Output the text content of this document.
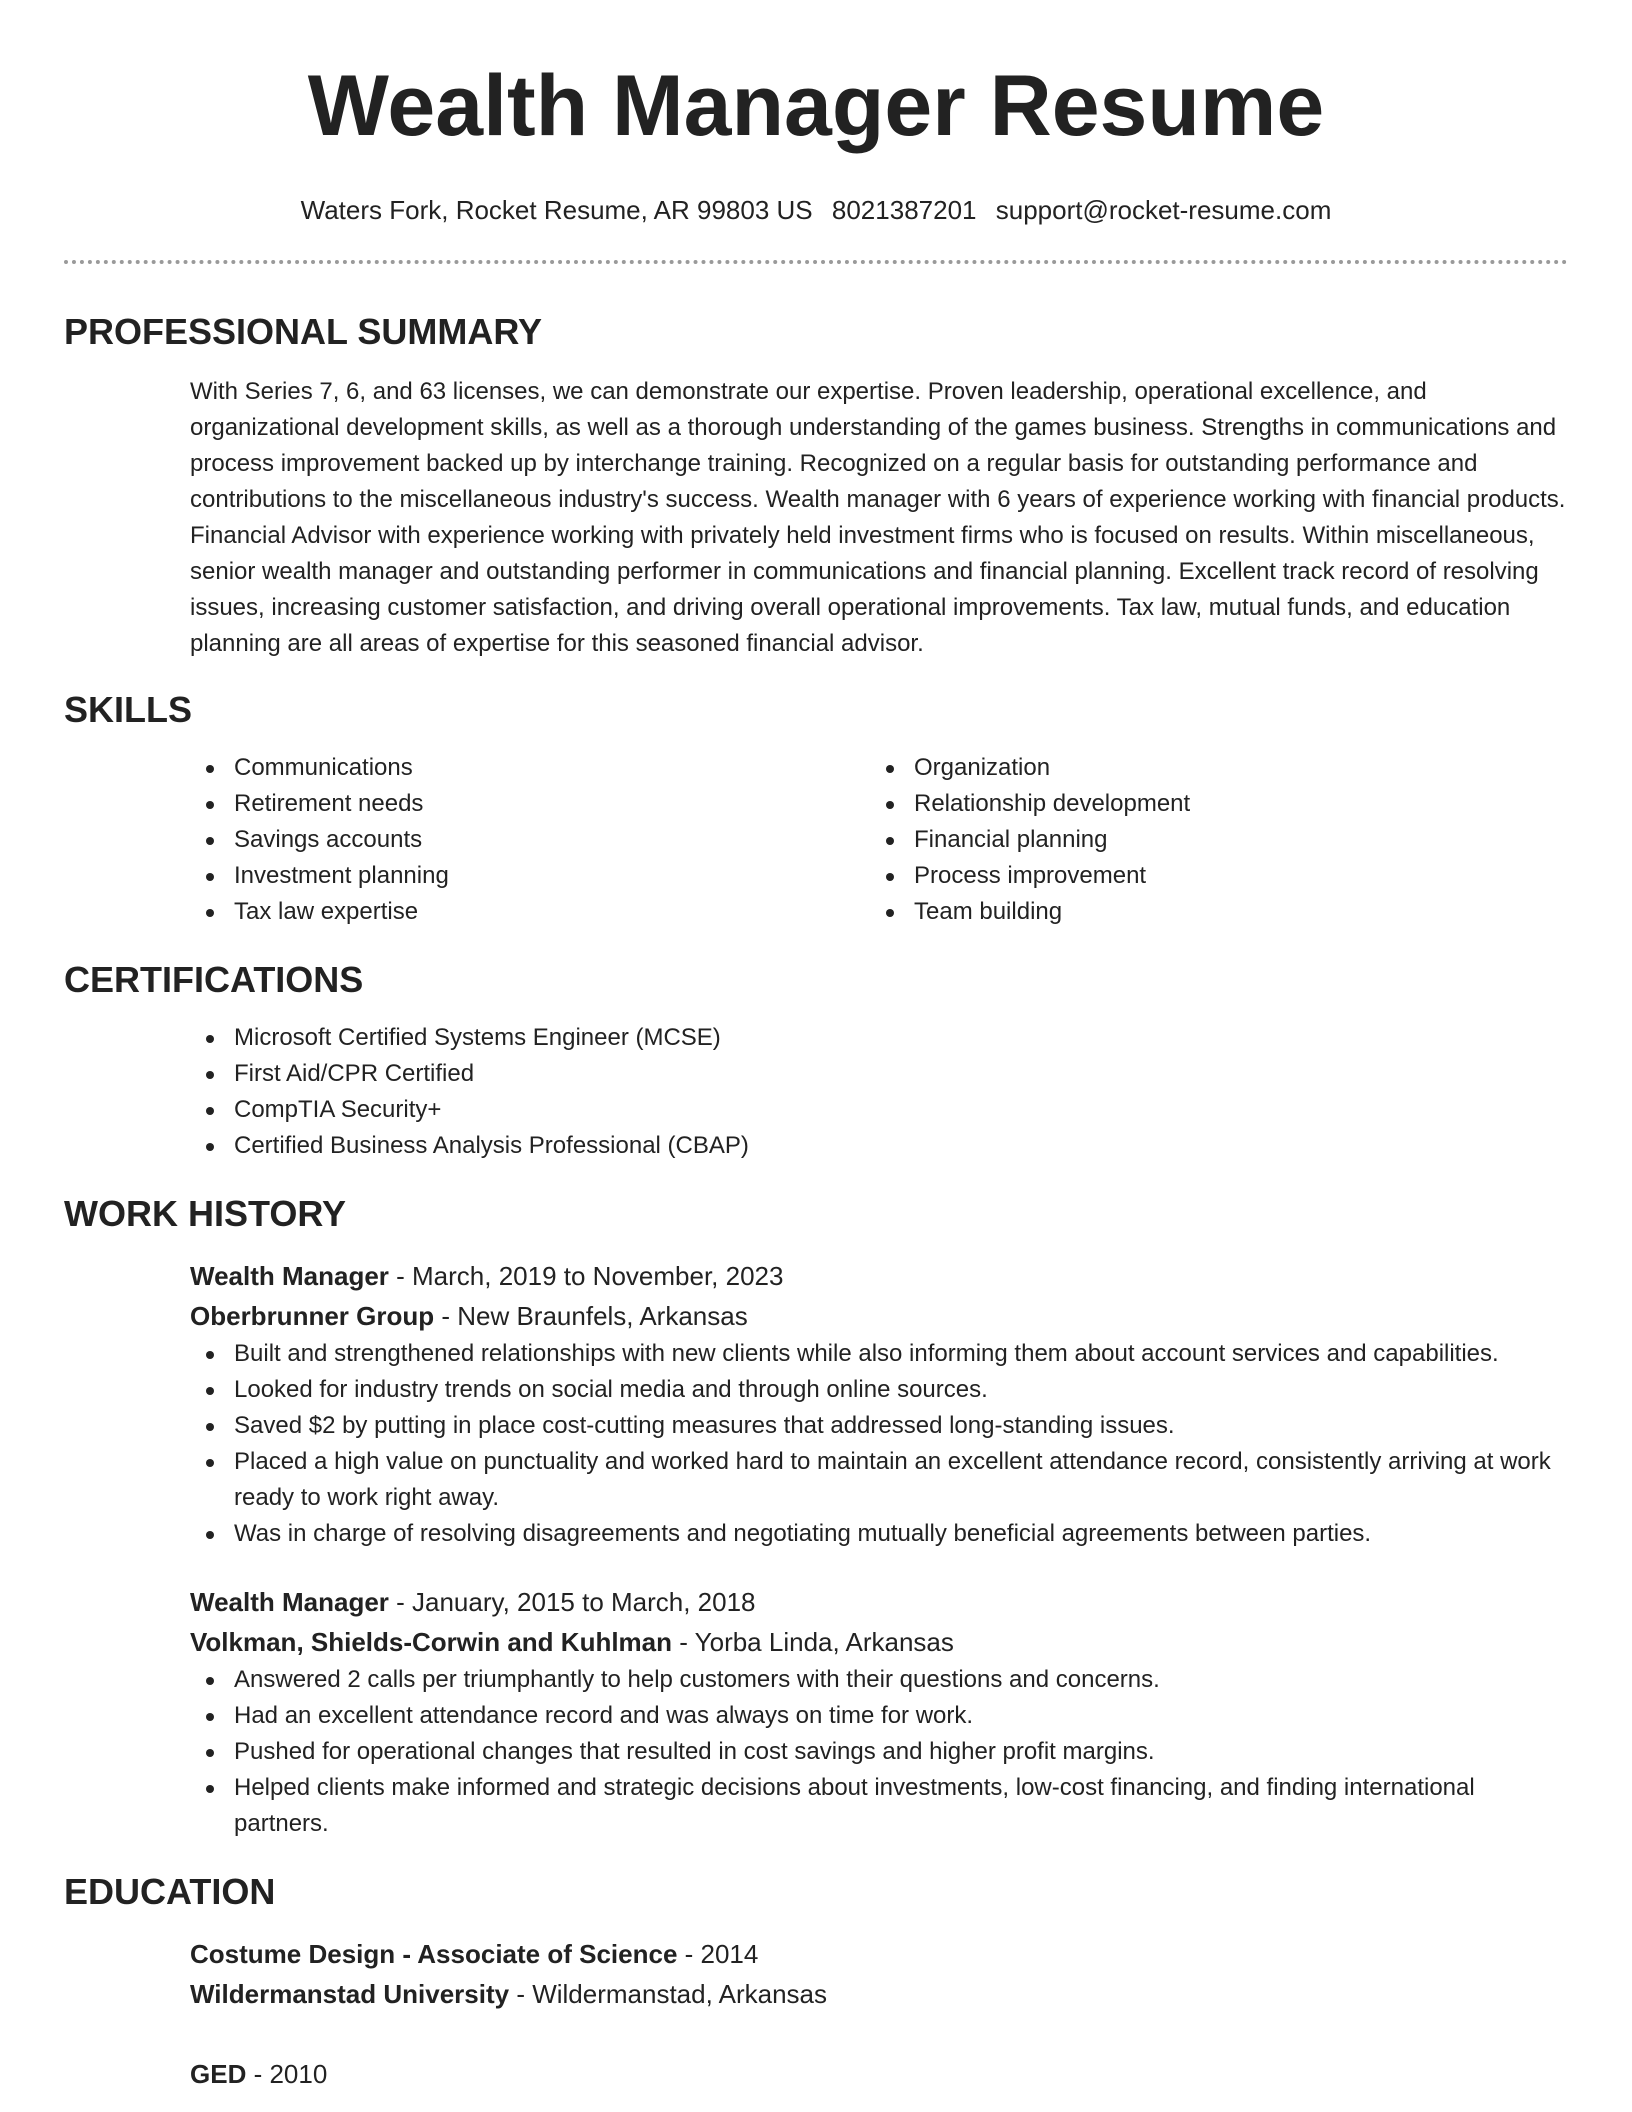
Wealth Manager Resume
Waters Fork, Rocket Resume, AR 99803 US 8021387201 support@rocket-resume.com
PROFESSIONAL SUMMARY
With Series 7, 6, and 63 licenses, we can demonstrate our expertise. Proven leadership, operational excellence, and organizational development skills, as well as a thorough understanding of the games business. Strengths in communications and process improvement backed up by interchange training. Recognized on a regular basis for outstanding performance and contributions to the miscellaneous industry's success. Wealth manager with 6 years of experience working with financial products. Financial Advisor with experience working with privately held investment firms who is focused on results. Within miscellaneous, senior wealth manager and outstanding performer in communications and financial planning. Excellent track record of resolving issues, increasing customer satisfaction, and driving overall operational improvements. Tax law, mutual funds, and education planning are all areas of expertise for this seasoned financial advisor.
SKILLS
Communications
Retirement needs
Savings accounts
Investment planning
Tax law expertise
Organization
Relationship development
Financial planning
Process improvement
Team building
CERTIFICATIONS
Microsoft Certified Systems Engineer (MCSE)
First Aid/CPR Certified
CompTIA Security+
Certified Business Analysis Professional (CBAP)
WORK HISTORY
Wealth Manager - March, 2019 to November, 2023
Oberbrunner Group - New Braunfels, Arkansas
Built and strengthened relationships with new clients while also informing them about account services and capabilities.
Looked for industry trends on social media and through online sources.
Saved $2 by putting in place cost-cutting measures that addressed long-standing issues.
Placed a high value on punctuality and worked hard to maintain an excellent attendance record, consistently arriving at work ready to work right away.
Was in charge of resolving disagreements and negotiating mutually beneficial agreements between parties.
Wealth Manager - January, 2015 to March, 2018
Volkman, Shields-Corwin and Kuhlman - Yorba Linda, Arkansas
Answered 2 calls per triumphantly to help customers with their questions and concerns.
Had an excellent attendance record and was always on time for work.
Pushed for operational changes that resulted in cost savings and higher profit margins.
Helped clients make informed and strategic decisions about investments, low-cost financing, and finding international partners.
EDUCATION
Costume Design - Associate of Science - 2014
Wildermanstad University - Wildermanstad, Arkansas
GED - 2010
